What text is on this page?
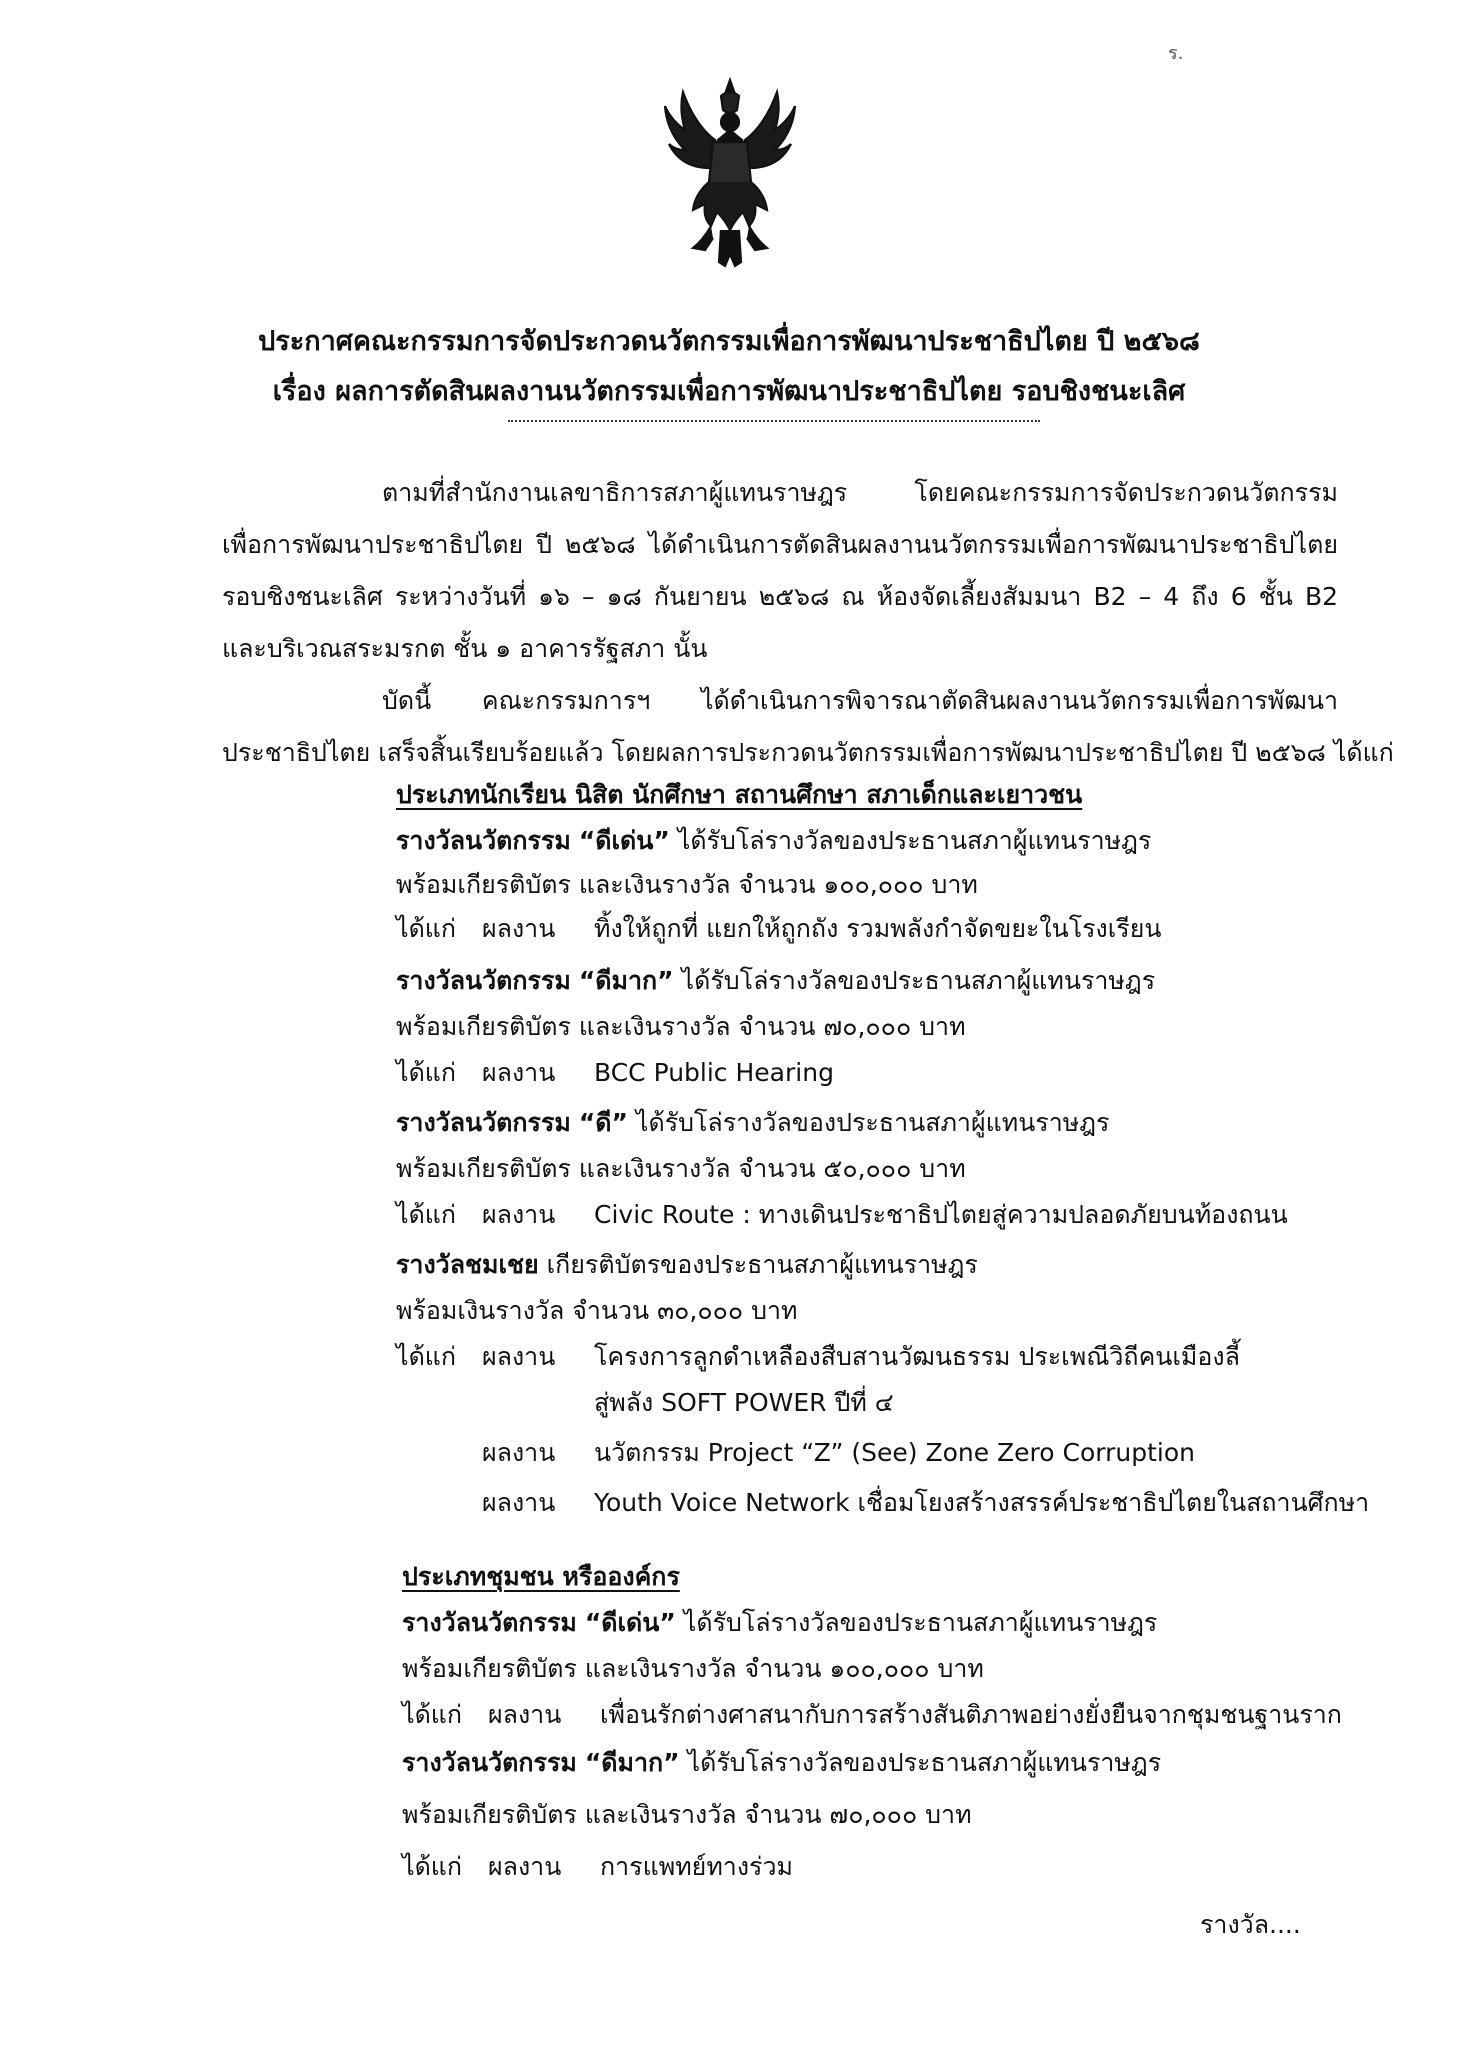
ร.
ประกาศคณะกรรมการจัดประกวดนวัตกรรมเพื่อการพัฒนาประชาธิปไตย ปี ๒๕๖๘
เรื่อง ผลการตัดสินผลงานนวัตกรรมเพื่อการพัฒนาประชาธิปไตย รอบชิงชนะเลิศ
ตามที่สำนักงานเลขาธิการสภาผู้แทนราษฎร โดยคณะกรรมการจัดประกวดนวัตกรรม
เพื่อการพัฒนาประชาธิปไตย ปี ๒๕๖๘ ได้ดำเนินการตัดสินผลงานนวัตกรรมเพื่อการพัฒนาประชาธิปไตย
รอบชิงชนะเลิศ ระหว่างวันที่ ๑๖ – ๑๘ กันยายน ๒๕๖๘ ณ ห้องจัดเลี้ยงสัมมนา B2 – 4 ถึง 6 ชั้น B2
และบริเวณสระมรกต ชั้น ๑ อาคารรัฐสภา นั้น
บัดนี้ คณะกรรมการฯ ได้ดำเนินการพิจารณาตัดสินผลงานนวัตกรรมเพื่อการพัฒนา
ประชาธิปไตย เสร็จสิ้นเรียบร้อยแล้ว โดยผลการประกวดนวัตกรรมเพื่อการพัฒนาประชาธิปไตย ปี ๒๕๖๘ ได้แก่
ประเภทนักเรียน นิสิต นักศึกษา สถานศึกษา สภาเด็กและเยาวชน
รางวัลนวัตกรรม “ดีเด่น” ได้รับโล่รางวัลของประธานสภาผู้แทนราษฎร
พร้อมเกียรติบัตร และเงินรางวัล จำนวน ๑๐๐,๐๐๐ บาท
ได้แก่ ผลงาน ทิ้งให้ถูกที่ แยกให้ถูกถัง รวมพลังกำจัดขยะในโรงเรียน
รางวัลนวัตกรรม “ดีมาก” ได้รับโล่รางวัลของประธานสภาผู้แทนราษฎร
พร้อมเกียรติบัตร และเงินรางวัล จำนวน ๗๐,๐๐๐ บาท
ได้แก่ ผลงาน BCC Public Hearing
รางวัลนวัตกรรม “ดี” ได้รับโล่รางวัลของประธานสภาผู้แทนราษฎร
พร้อมเกียรติบัตร และเงินรางวัล จำนวน ๕๐,๐๐๐ บาท
ได้แก่ ผลงาน Civic Route : ทางเดินประชาธิปไตยสู่ความปลอดภัยบนท้องถนน
รางวัลชมเชย เกียรติบัตรของประธานสภาผู้แทนราษฎร
พร้อมเงินรางวัล จำนวน ๓๐,๐๐๐ บาท
ได้แก่ ผลงาน โครงการลูกดำเหลืองสืบสานวัฒนธรรม ประเพณีวิถีคนเมืองลี้
สู่พลัง SOFT POWER ปีที่ ๔
ผลงาน นวัตกรรม Project “Z” (See) Zone Zero Corruption
ผลงาน Youth Voice Network เชื่อมโยงสร้างสรรค์ประชาธิปไตยในสถานศึกษา
ประเภทชุมชน หรือองค์กร
รางวัลนวัตกรรม “ดีเด่น” ได้รับโล่รางวัลของประธานสภาผู้แทนราษฎร
พร้อมเกียรติบัตร และเงินรางวัล จำนวน ๑๐๐,๐๐๐ บาท
ได้แก่ ผลงาน เพื่อนรักต่างศาสนากับการสร้างสันติภาพอย่างยั่งยืนจากชุมชนฐานราก
รางวัลนวัตกรรม “ดีมาก” ได้รับโล่รางวัลของประธานสภาผู้แทนราษฎร
พร้อมเกียรติบัตร และเงินรางวัล จำนวน ๗๐,๐๐๐ บาท
ได้แก่ ผลงาน การแพทย์ทางร่วม
รางวัล....
